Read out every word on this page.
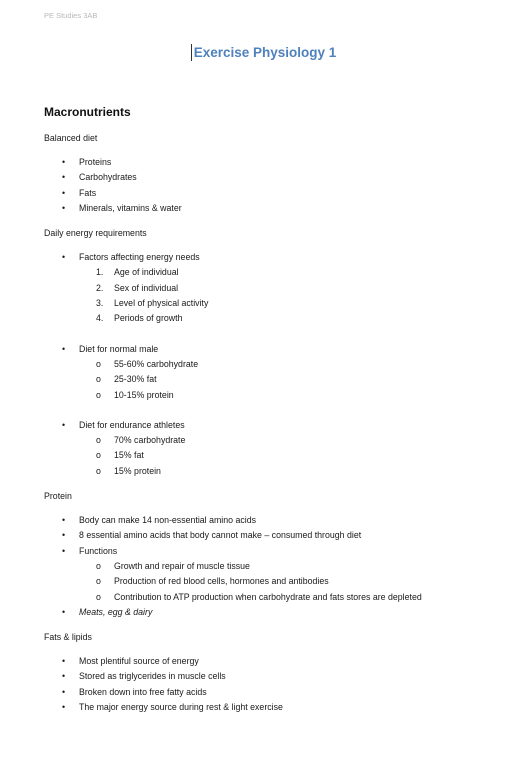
PE Studies 3AB
Exercise Physiology 1
Macronutrients
Balanced diet
• Proteins
• Carbohydrates
• Fats
• Minerals, vitamins & water
Daily energy requirements
• Factors affecting energy needs
1. Age of individual
2. Sex of individual
3. Level of physical activity
4. Periods of growth
• Diet for normal male
o 55-60% carbohydrate
o 25-30% fat
o 10-15% protein
• Diet for endurance athletes
o 70% carbohydrate
o 15% fat
o 15% protein
Protein
• Body can make 14 non-essential amino acids
• 8 essential amino acids that body cannot make – consumed through diet
• Functions
o Growth and repair of muscle tissue
o Production of red blood cells, hormones and antibodies
o Contribution to ATP production when carbohydrate and fats stores are depleted
• Meats, egg & dairy
Fats & lipids
• Most plentiful source of energy
• Stored as triglycerides in muscle cells
• Broken down into free fatty acids
• The major energy source during rest & light exercise
